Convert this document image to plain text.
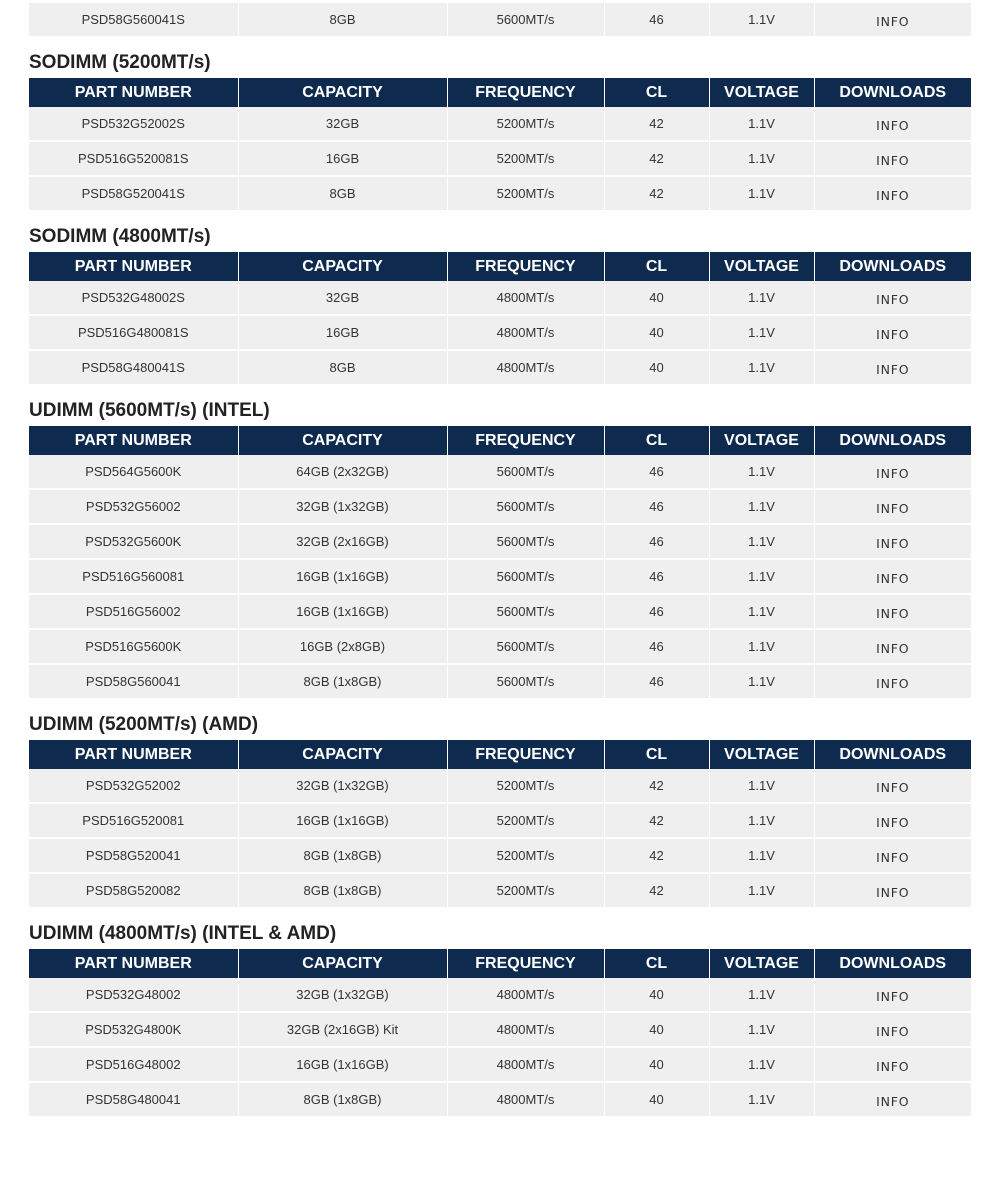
PSD58G560041S	8GB	5600MT/s	46	1.1V	INFO
SODIMM (5200MT/s)
PART NUMBER	CAPACITY	FREQUENCY	CL	VOLTAGE	DOWNLOADS
PSD532G52002S	32GB	5200MT/s	42	1.1V	INFO
PSD516G520081S	16GB	5200MT/s	42	1.1V	INFO
PSD58G520041S	8GB	5200MT/s	42	1.1V	INFO
SODIMM (4800MT/s)
PART NUMBER	CAPACITY	FREQUENCY	CL	VOLTAGE	DOWNLOADS
PSD532G48002S	32GB	4800MT/s	40	1.1V	INFO
PSD516G480081S	16GB	4800MT/s	40	1.1V	INFO
PSD58G480041S	8GB	4800MT/s	40	1.1V	INFO
UDIMM (5600MT/s) (INTEL)
PART NUMBER	CAPACITY	FREQUENCY	CL	VOLTAGE	DOWNLOADS
PSD564G5600K	64GB (2x32GB)	5600MT/s	46	1.1V	INFO
PSD532G56002	32GB (1x32GB)	5600MT/s	46	1.1V	INFO
PSD532G5600K	32GB (2x16GB)	5600MT/s	46	1.1V	INFO
PSD516G560081	16GB (1x16GB)	5600MT/s	46	1.1V	INFO
PSD516G56002	16GB (1x16GB)	5600MT/s	46	1.1V	INFO
PSD516G5600K	16GB (2x8GB)	5600MT/s	46	1.1V	INFO
PSD58G560041	8GB (1x8GB)	5600MT/s	46	1.1V	INFO
UDIMM (5200MT/s) (AMD)
PART NUMBER	CAPACITY	FREQUENCY	CL	VOLTAGE	DOWNLOADS
PSD532G52002	32GB (1x32GB)	5200MT/s	42	1.1V	INFO
PSD516G520081	16GB (1x16GB)	5200MT/s	42	1.1V	INFO
PSD58G520041	8GB (1x8GB)	5200MT/s	42	1.1V	INFO
PSD58G520082	8GB (1x8GB)	5200MT/s	42	1.1V	INFO
UDIMM (4800MT/s) (INTEL & AMD)
PART NUMBER	CAPACITY	FREQUENCY	CL	VOLTAGE	DOWNLOADS
PSD532G48002	32GB (1x32GB)	4800MT/s	40	1.1V	INFO
PSD532G4800K	32GB (2x16GB) Kit	4800MT/s	40	1.1V	INFO
PSD516G48002	16GB (1x16GB)	4800MT/s	40	1.1V	INFO
PSD58G480041	8GB (1x8GB)	4800MT/s	40	1.1V	INFO
